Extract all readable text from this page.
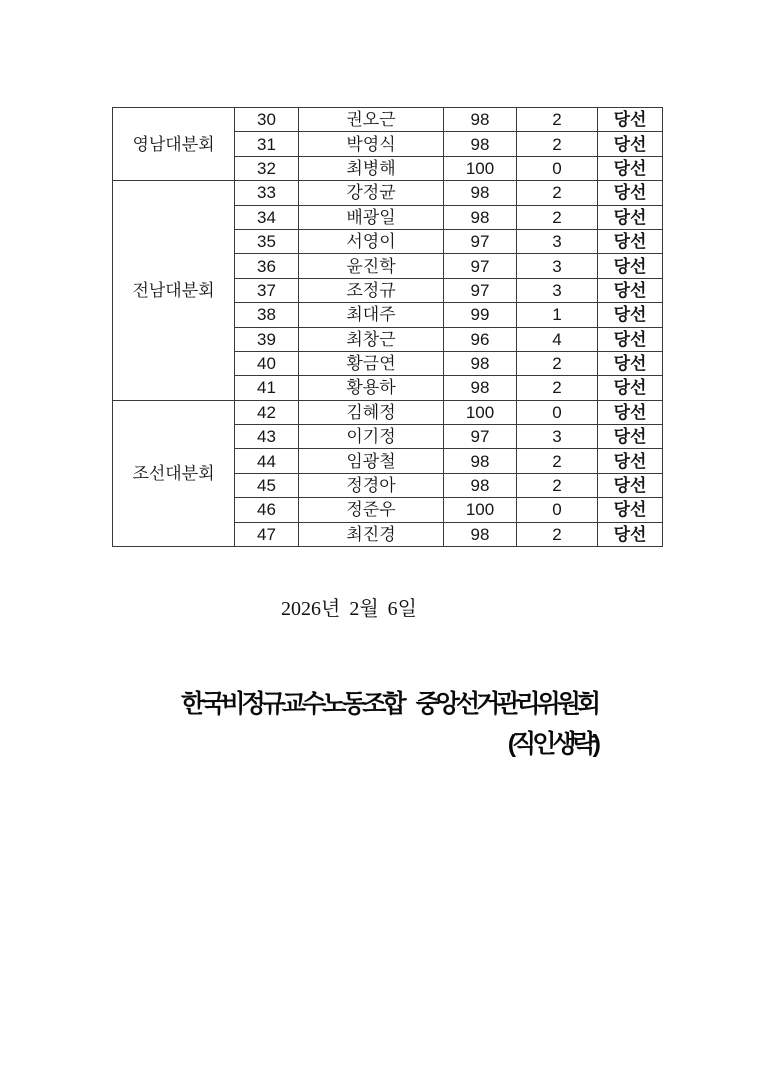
영남대분회	30	권오근	98	2	당선
	31	박영식	98	2	당선
	32	최병해	100	0	당선
전남대분회	33	강정균	98	2	당선
	34	배광일	98	2	당선
	35	서영이	97	3	당선
	36	윤진학	97	3	당선
	37	조정규	97	3	당선
	38	최대주	99	1	당선
	39	최창근	96	4	당선
	40	황금연	98	2	당선
	41	황용하	98	2	당선
조선대분회	42	김혜정	100	0	당선
	43	이기정	97	3	당선
	44	임광철	98	2	당선
	45	정경아	98	2	당선
	46	정준우	100	0	당선
	47	최진경	98	2	당선
2026년 2월 6일
한국비정규교수노동조합 중앙선거관리위원회
(직인생략)
